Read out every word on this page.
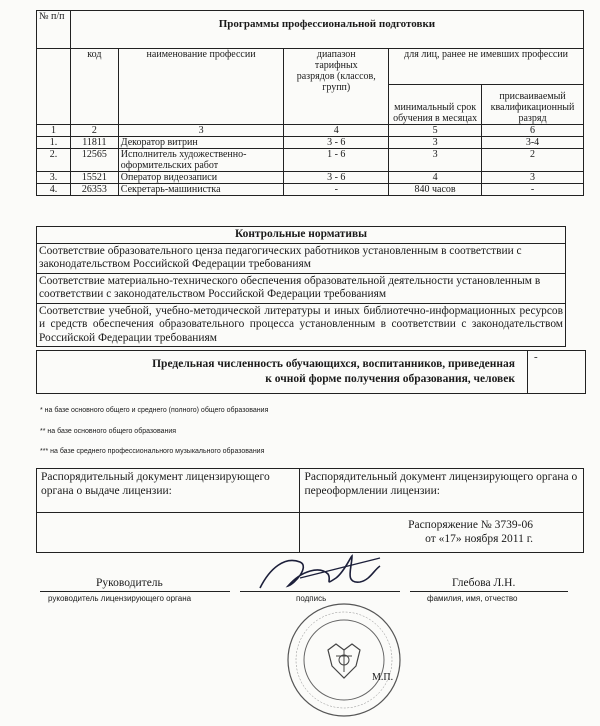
№ п/п	Программы профессиональной подготовки				
	код	наименование профессии	диапазон тарифных разрядов (классов, групп)	для лиц, ранее не имевших профессии	
				минимальный срок обучения в месяцах	присваиваемый квалификационный разряд
1	2	3	4	5	6
1.	11811	Декоратор витрин	3 - 6	3	3-4
2.	12565	Исполнитель художественно-оформительских работ	1 - 6	3	2
3.	15521	Оператор видеозаписи	3 - 6	4	3
4.	26353	Секретарь-машинистка	-	840 часов	-
Контрольные нормативы
Соответствие образовательного ценза педагогических работников установленным в соответствии с законодательством Российской Федерации требованиям
Соответствие материально-технического обеспечения образовательной деятельности установленным в соответствии с законодательством Российской Федерации требованиям
Соответствие учебной, учебно-методической литературы и иных библиотечно-информационных ресурсов и средств обеспечения образовательного процесса установленным в соответствии с законодательством Российской Федерации требованиям
Предельная численность обучающихся, воспитанников, приведенная
к очной форме получения образования, человек
-
* на базе основного общего и среднего (полного) общего образования
** на базе основного общего образования
*** на базе среднего профессионального музыкального образования
Распорядительный документ лицензирующего органа о выдаче лицензии:	Распорядительный документ лицензирующего органа о переоформлении лицензии:

	Распоряжение № 3739-06
от «17» ноября 2011 г.
Руководитель
руководитель лицензирующего органа	подпись
Глебова Л.Н.
фамилия, имя, отчество
М.П.
